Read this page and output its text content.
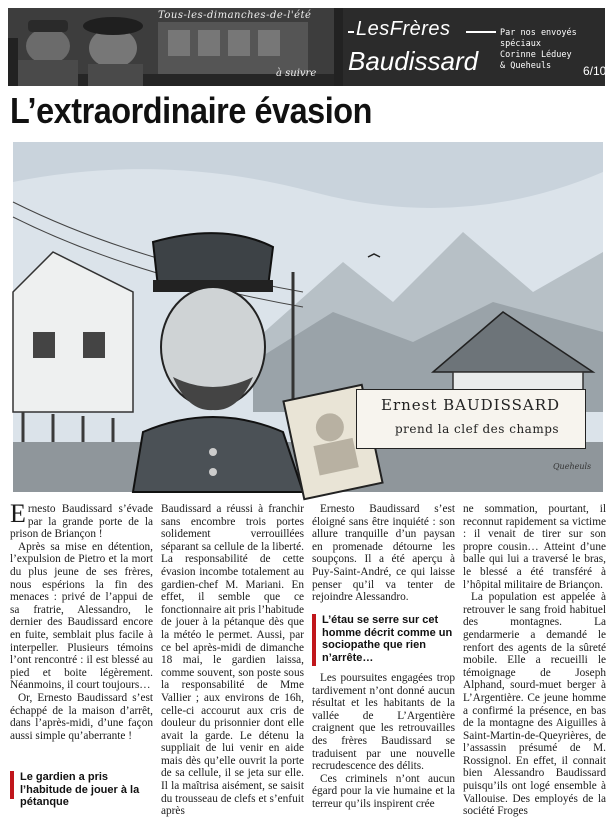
Tous-les-dimanches-de-l'été
à suivre
LesFrères
Baudissard
Par nos envoyés spéciaux Corinne Léduey & Queheuls	6/10
L’extraordinaire évasion
Ernest BAUDISSARD
prend la clef des champs
Queheuls

Ernesto Baudissard s’évade par la grande porte de la prison de Briançon !

Après sa mise en détention, l’expulsion de Pietro et la mort du plus jeune de ses frères, nous espérions la fin des menaces : privé de l’appui de sa fratrie, Alessandro, le dernier des Baudissard encore en fuite, semblait plus facile à interpeller. Plusieurs témoins l’ont rencontré : il est blessé au pied et boite légèrement. Néanmoins, il court toujours…

Or, Ernesto Baudissard s’est échappé de la maison d’arrêt, dans l’après-midi, d’une façon aussi simple qu’aberrante !

Le gardien a pris l’habitude de jouer à la pétanque

Baudissard a réussi à franchir sans encombre trois portes solidement verrouillées séparant sa cellule de la liberté. La responsabilité de cette évasion incombe totalement au gardien-chef M. Mariani. En effet, il semble que ce fonctionnaire ait pris l’habitude de jouer à la pétanque dès que la météo le permet. Aussi, par ce bel après-midi de dimanche 18 mai, le gardien laissa, comme souvent, son poste sous la responsabilité de Mme Vallier ; aux environs de 16h, celle-ci accourut aux cris de douleur du prisonnier dont elle avait la garde. Le détenu la suppliait de lui venir en aide mais dès qu’elle ouvrit la porte de sa cellule, il se jeta sur elle. Il la maîtrisa aisément, se saisit du trousseau de clefs et s’enfuit après

Ernesto Baudissard s’est éloigné sans être inquiété : son allure tranquille d’un paysan en promenade détourne les soupçons. Il a été aperçu à Puy-Saint-André, ce qui laisse penser qu’il va tenter de rejoindre Alessandro.

L’étau se serre sur cet homme décrit comme un sociopathe que rien n’arrête…

Les poursuites engagées trop tardivement n’ont donné aucun résultat et les habitants de la vallée de L’Argentière craignent que les retrouvailles des frères Baudissard se traduisent par une nouvelle recrudescence des délits.

Ces criminels n’ont aucun égard pour la vie humaine et la terreur qu’ils inspirent crée

ne sommation, pourtant, il reconnut rapidement sa victime : il venait de tirer sur son propre cousin… Atteint d’une balle qui lui a traversé le bras, le blessé a été transféré à l’hôpital militaire de Briançon.

La population est appelée à retrouver le sang froid habituel des montagnes. La gendarmerie a demandé le renfort des agents de la sûreté mobile. Elle a recueilli le témoignage de Joseph Alphand, sourd-muet berger à L’Argentière. Ce jeune homme a confirmé la présence, en bas de la montagne des Aiguilles à Saint-Martin-de-Queyrières, de l’assassin présumé de M. Rossignol. En effet, il connait bien Alessandro Baudissard puisqu’ils ont logé ensemble à Vallouise. Des employés de la société Froges
